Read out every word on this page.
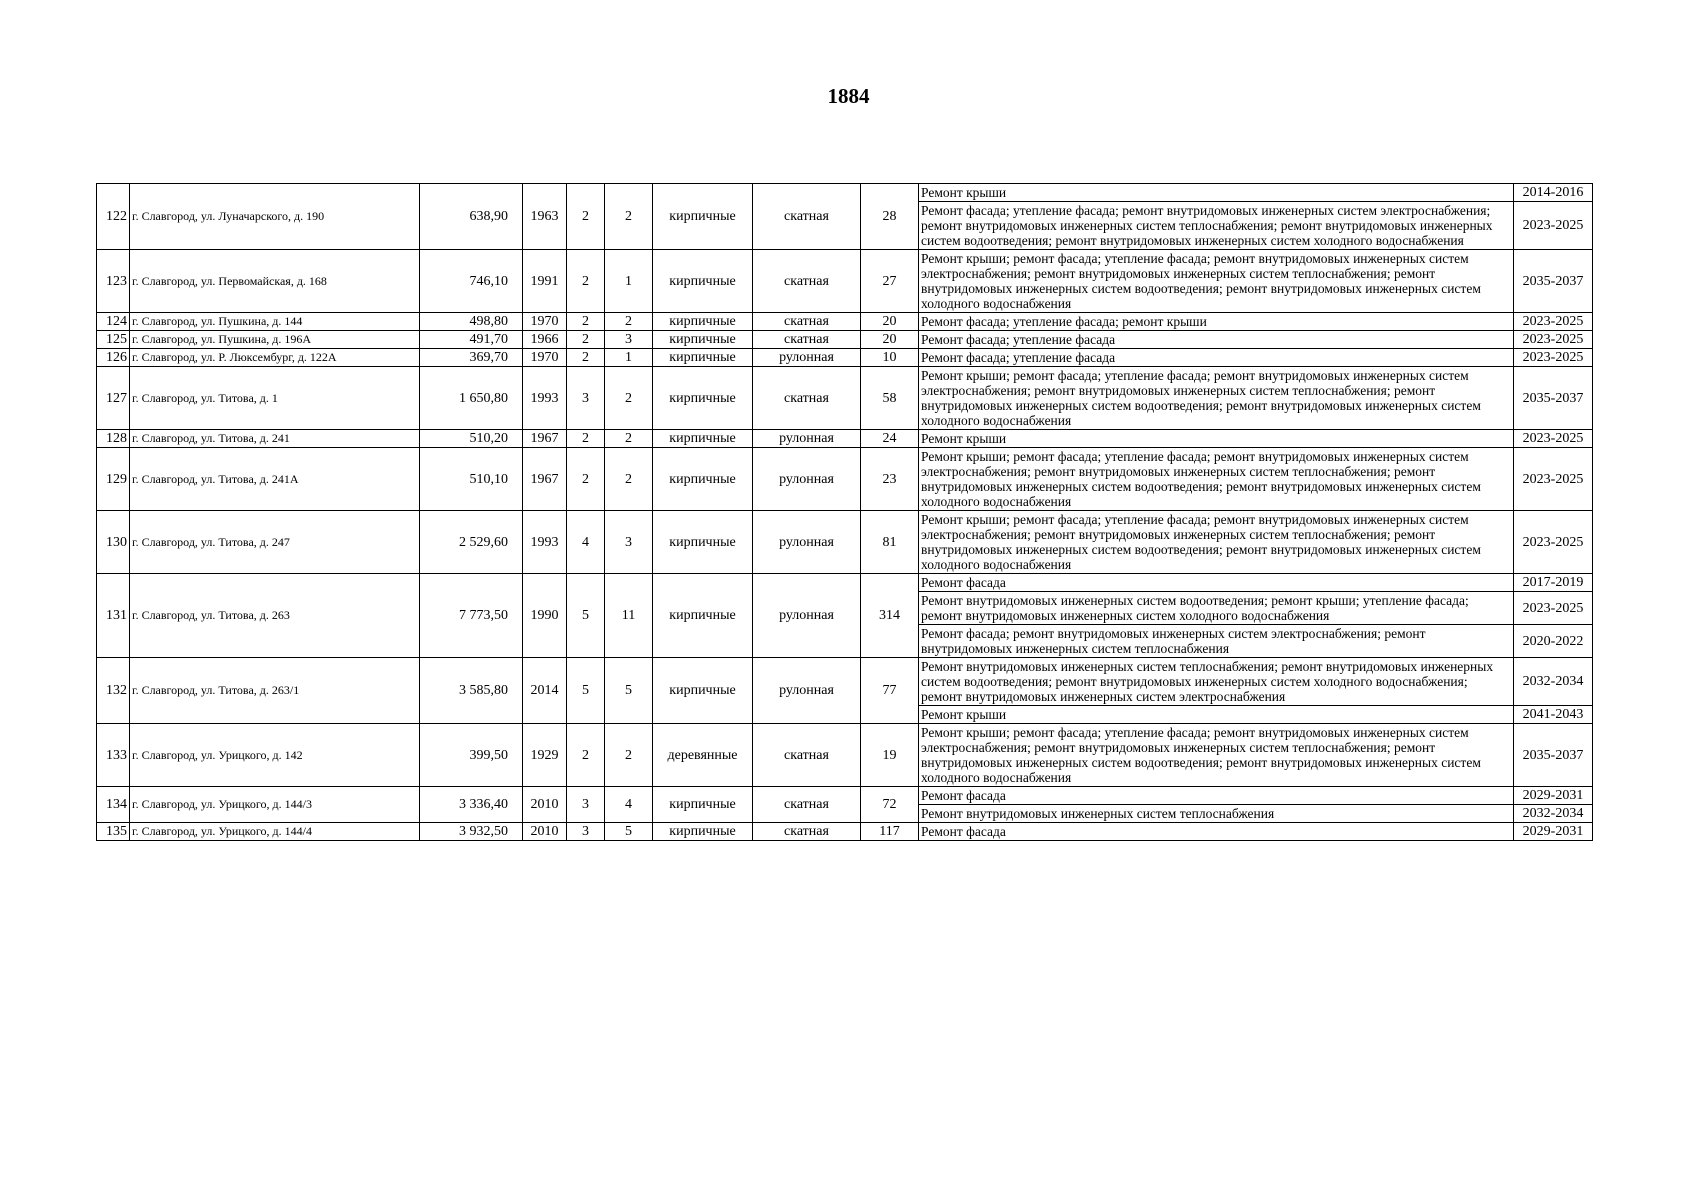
1884
122	г. Славгород, ул. Луначарского, д. 190	638,90	1963	2	2	кирпичные	скатная	28	Ремонт крыши	2014-2016
									Ремонт фасада; утепление фасада; ремонт внутридомовых инженерных систем электроснабжения; ремонт внутридомовых инженерных систем теплоснабжения; ремонт внутридомовых инженерных систем водоотведения; ремонт внутридомовых инженерных систем холодного водоснабжения	2023-2025
123	г. Славгород, ул. Первомайская, д. 168	746,10	1991	2	1	кирпичные	скатная	27	Ремонт крыши; ремонт фасада; утепление фасада; ремонт внутридомовых инженерных систем электроснабжения; ремонт внутридомовых инженерных систем теплоснабжения; ремонт внутридомовых инженерных систем водоотведения; ремонт внутридомовых инженерных систем холодного водоснабжения	2035-2037
124	г. Славгород, ул. Пушкина, д. 144	498,80	1970	2	2	кирпичные	скатная	20	Ремонт фасада; утепление фасада; ремонт крыши	2023-2025
125	г. Славгород, ул. Пушкина, д. 196А	491,70	1966	2	3	кирпичные	скатная	20	Ремонт фасада; утепление фасада	2023-2025
126	г. Славгород, ул. Р. Люксембург, д. 122А	369,70	1970	2	1	кирпичные	рулонная	10	Ремонт фасада; утепление фасада	2023-2025
127	г. Славгород, ул. Титова, д. 1	1 650,80	1993	3	2	кирпичные	скатная	58	Ремонт крыши; ремонт фасада; утепление фасада; ремонт внутридомовых инженерных систем электроснабжения; ремонт внутридомовых инженерных систем теплоснабжения; ремонт внутридомовых инженерных систем водоотведения; ремонт внутридомовых инженерных систем холодного водоснабжения	2035-2037
128	г. Славгород, ул. Титова, д. 241	510,20	1967	2	2	кирпичные	рулонная	24	Ремонт крыши	2023-2025
129	г. Славгород, ул. Титова, д. 241А	510,10	1967	2	2	кирпичные	рулонная	23	Ремонт крыши; ремонт фасада; утепление фасада; ремонт внутридомовых инженерных систем электроснабжения; ремонт внутридомовых инженерных систем теплоснабжения; ремонт внутридомовых инженерных систем водоотведения; ремонт внутридомовых инженерных систем холодного водоснабжения	2023-2025
130	г. Славгород, ул. Титова, д. 247	2 529,60	1993	4	3	кирпичные	рулонная	81	Ремонт крыши; ремонт фасада; утепление фасада; ремонт внутридомовых инженерных систем электроснабжения; ремонт внутридомовых инженерных систем теплоснабжения; ремонт внутридомовых инженерных систем водоотведения; ремонт внутридомовых инженерных систем холодного водоснабжения	2023-2025
131	г. Славгород, ул. Титова, д. 263	7 773,50	1990	5	11	кирпичные	рулонная	314	Ремонт фасада	2017-2019
									Ремонт внутридомовых инженерных систем водоотведения; ремонт крыши; утепление фасада; ремонт внутридомовых инженерных систем холодного водоснабжения	2023-2025
									Ремонт фасада; ремонт внутридомовых инженерных систем электроснабжения; ремонт внутридомовых инженерных систем теплоснабжения	2020-2022
132	г. Славгород, ул. Титова, д. 263/1	3 585,80	2014	5	5	кирпичные	рулонная	77	Ремонт внутридомовых инженерных систем теплоснабжения; ремонт внутридомовых инженерных систем водоотведения; ремонт внутридомовых инженерных систем холодного водоснабжения; ремонт внутридомовых инженерных систем электроснабжения	2032-2034
									Ремонт крыши	2041-2043
133	г. Славгород, ул. Урицкого, д. 142	399,50	1929	2	2	деревянные	скатная	19	Ремонт крыши; ремонт фасада; утепление фасада; ремонт внутридомовых инженерных систем электроснабжения; ремонт внутридомовых инженерных систем теплоснабжения; ремонт внутридомовых инженерных систем водоотведения; ремонт внутридомовых инженерных систем холодного водоснабжения	2035-2037
134	г. Славгород, ул. Урицкого, д. 144/3	3 336,40	2010	3	4	кирпичные	скатная	72	Ремонт фасада	2029-2031
									Ремонт внутридомовых инженерных систем теплоснабжения	2032-2034
135	г. Славгород, ул. Урицкого, д. 144/4	3 932,50	2010	3	5	кирпичные	скатная	117	Ремонт фасада	2029-2031
